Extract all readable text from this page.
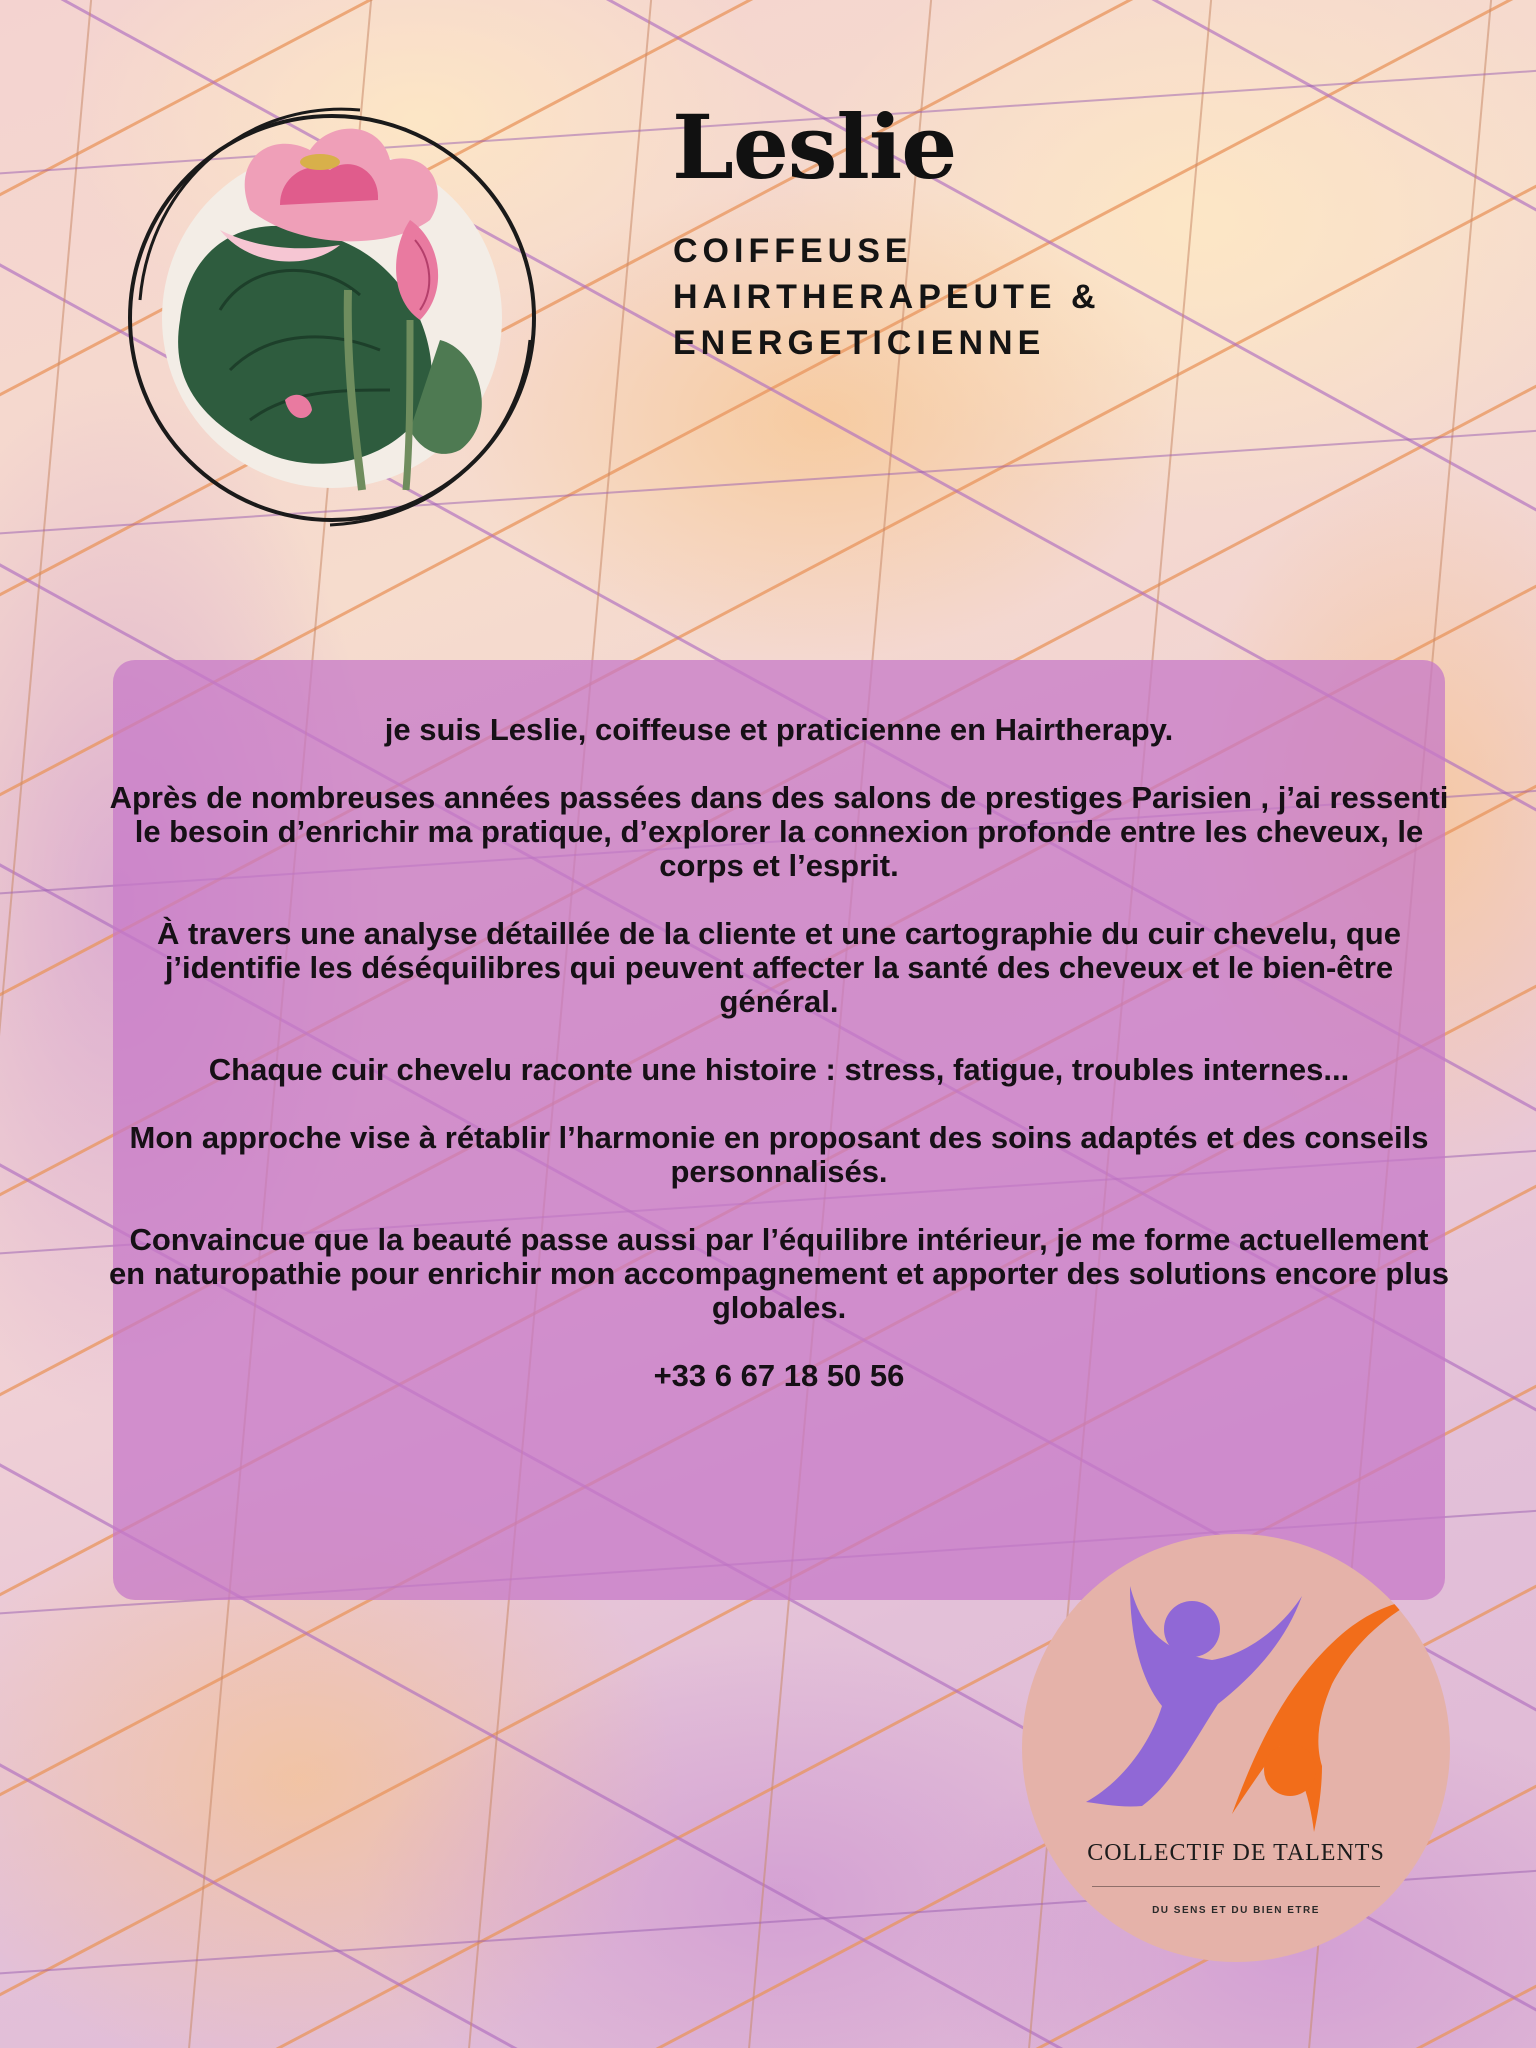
Leslie
COIFFEUSE
HAIRTHERAPEUTE &
ENERGETICIENNE

je suis Leslie, coiffeuse et praticienne en Hairtherapy.

Après de nombreuses années passées dans des salons de prestiges Parisien , j’ai ressenti le besoin d’enrichir ma pratique, d’explorer la connexion profonde entre les cheveux, le corps et l’esprit.

À travers une analyse détaillée de la cliente et une cartographie du cuir chevelu, que j’identifie les déséquilibres qui peuvent affecter la santé des cheveux et le bien-être général.

Chaque cuir chevelu raconte une histoire : stress, fatigue, troubles internes...

Mon approche vise à rétablir l’harmonie en proposant des soins adaptés et des conseils personnalisés.

Convaincue que la beauté passe aussi par l’équilibre intérieur, je me forme actuellement en naturopathie pour enrichir mon accompagnement et apporter des solutions encore plus globales.

+33 6 67 18 50 56

COLLECTIF DE TALENTS
DU SENS ET DU BIEN ETRE
